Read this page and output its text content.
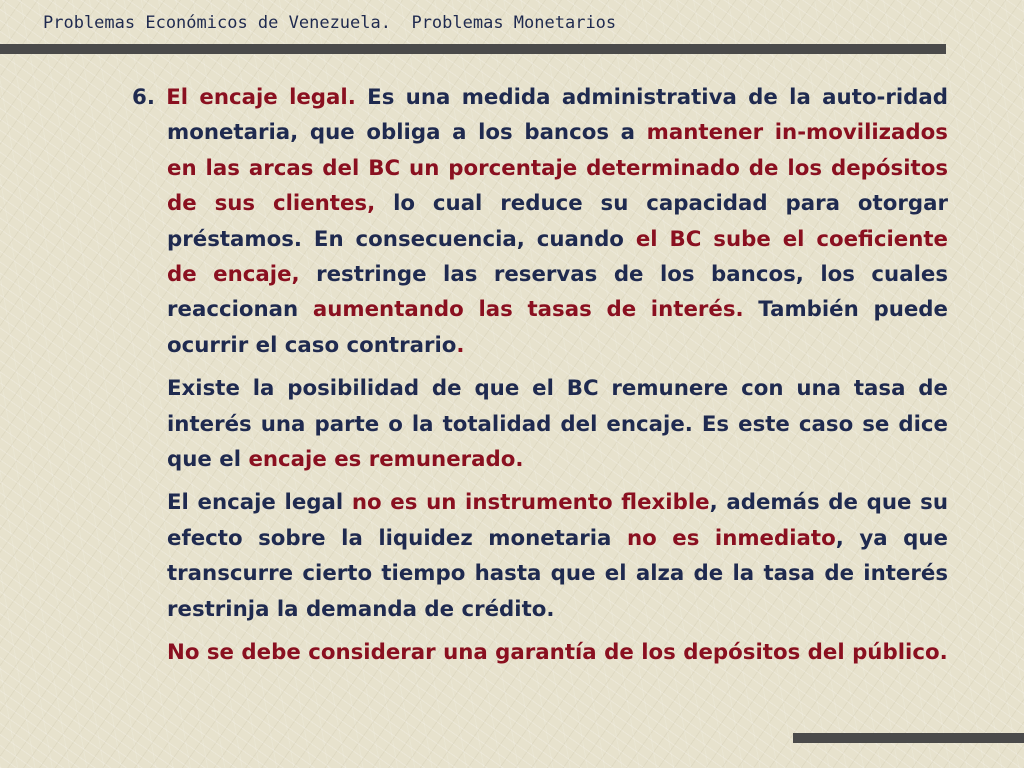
Problemas Económicos de Venezuela.  Problemas Monetarios

6. El encaje legal. Es una medida administrativa de la auto-ridad monetaria, que obliga a los bancos a mantener in-movilizados en las arcas del BC un porcentaje determinado de los depósitos de sus clientes, lo cual reduce su capacidad para otorgar préstamos. En consecuencia, cuando el BC sube el coeficiente de encaje, restringe las reservas de los bancos, los cuales reaccionan aumentando las tasas de interés. También puede ocurrir el caso contrario.

Existe la posibilidad de que el BC remunere con una tasa de interés una parte o la totalidad del encaje. Es este caso se dice que el encaje es remunerado.

El encaje legal no es un instrumento flexible, además de que su efecto sobre la liquidez monetaria no es inmediato, ya que transcurre cierto tiempo hasta que el alza de la tasa de interés restrinja la demanda de crédito.

No se debe considerar una garantía de los depósitos del público.
